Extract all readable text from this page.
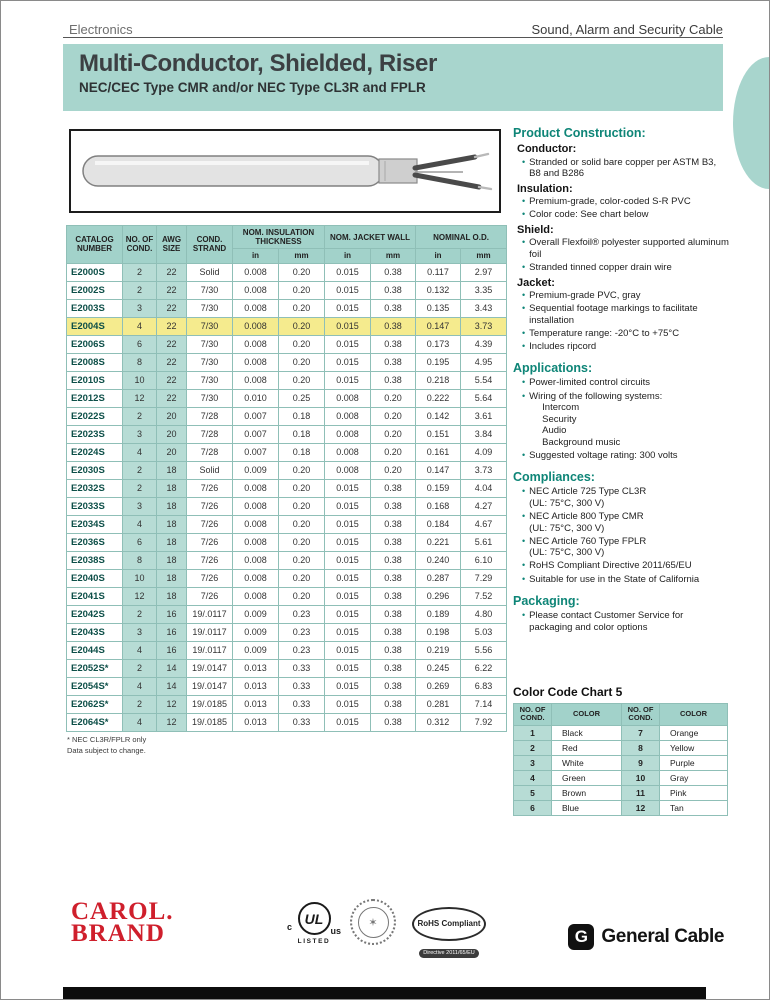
Electronics	Sound, Alarm and Security Cable
Multi-Conductor, Shielded, Riser
NEC/CEC Type CMR and/or NEC Type CL3R and FPLR
CATALOG NUMBER	NO. OF COND.	AWG SIZE	COND. STRAND	NOM. INSULATION THICKNESS		NOM. JACKET WALL		NOMINAL O.D.	
				in	mm	in	mm	in	mm
E2000S	2	22	Solid	0.008	0.20	0.015	0.38	0.117	2.97
E2002S	2	22	7/30	0.008	0.20	0.015	0.38	0.132	3.35
E2003S	3	22	7/30	0.008	0.20	0.015	0.38	0.135	3.43
E2004S	4	22	7/30	0.008	0.20	0.015	0.38	0.147	3.73
E2006S	6	22	7/30	0.008	0.20	0.015	0.38	0.173	4.39
E2008S	8	22	7/30	0.008	0.20	0.015	0.38	0.195	4.95
E2010S	10	22	7/30	0.008	0.20	0.015	0.38	0.218	5.54
E2012S	12	22	7/30	0.010	0.25	0.008	0.20	0.222	5.64
E2022S	2	20	7/28	0.007	0.18	0.008	0.20	0.142	3.61
E2023S	3	20	7/28	0.007	0.18	0.008	0.20	0.151	3.84
E2024S	4	20	7/28	0.007	0.18	0.008	0.20	0.161	4.09
E2030S	2	18	Solid	0.009	0.20	0.008	0.20	0.147	3.73
E2032S	2	18	7/26	0.008	0.20	0.015	0.38	0.159	4.04
E2033S	3	18	7/26	0.008	0.20	0.015	0.38	0.168	4.27
E2034S	4	18	7/26	0.008	0.20	0.015	0.38	0.184	4.67
E2036S	6	18	7/26	0.008	0.20	0.015	0.38	0.221	5.61
E2038S	8	18	7/26	0.008	0.20	0.015	0.38	0.240	6.10
E2040S	10	18	7/26	0.008	0.20	0.015	0.38	0.287	7.29
E2041S	12	18	7/26	0.008	0.20	0.015	0.38	0.296	7.52
E2042S	2	16	19/.0117	0.009	0.23	0.015	0.38	0.189	4.80
E2043S	3	16	19/.0117	0.009	0.23	0.015	0.38	0.198	5.03
E2044S	4	16	19/.0117	0.009	0.23	0.015	0.38	0.219	5.56
E2052S*	2	14	19/.0147	0.013	0.33	0.015	0.38	0.245	6.22
E2054S*	4	14	19/.0147	0.013	0.33	0.015	0.38	0.269	6.83
E2062S*	2	12	19/.0185	0.013	0.33	0.015	0.38	0.281	7.14
E2064S*	4	12	19/.0185	0.013	0.33	0.015	0.38	0.312	7.92
* NEC CL3R/FPLR only
Data subject to change.
Product Construction:
Conductor:
• Stranded or solid bare copper per ASTM B3, B8 and B286
Insulation:
• Premium-grade, color-coded S-R PVC
• Color code: See chart below
Shield:
• Overall Flexfoil® polyester supported aluminum foil
• Stranded tinned copper drain wire
Jacket:
• Premium-grade PVC, gray
• Sequential footage markings to facilitate installation
• Temperature range: -20°C to +75°C
• Includes ripcord
Applications:
• Power-limited control circuits
• Wiring of the following systems:
Intercom
Security
Audio
Background music
• Suggested voltage rating: 300 volts
Compliances:
• NEC Article 725 Type CL3R
(UL: 75°C, 300 V)
• NEC Article 800 Type CMR
(UL: 75°C, 300 V)
• NEC Article 760 Type FPLR
(UL: 75°C, 300 V)
• RoHS Compliant Directive 2011/65/EU
• Suitable for use in the State of California
Packaging:
• Please contact Customer Service for packaging and color options
Color Code Chart 5
NO. OF COND.	COLOR	NO. OF COND.	COLOR
1	Black	7	Orange
2	Red	8	Yellow
3	White	9	Purple
4	Green	10	Gray
5	Brown	11	Pink
6	Blue	12	Tan
CAROL.
BRAND	c
UL
us
LISTED
✶	RoHS Compliant
Directive 2011/65/EU
G General Cable
